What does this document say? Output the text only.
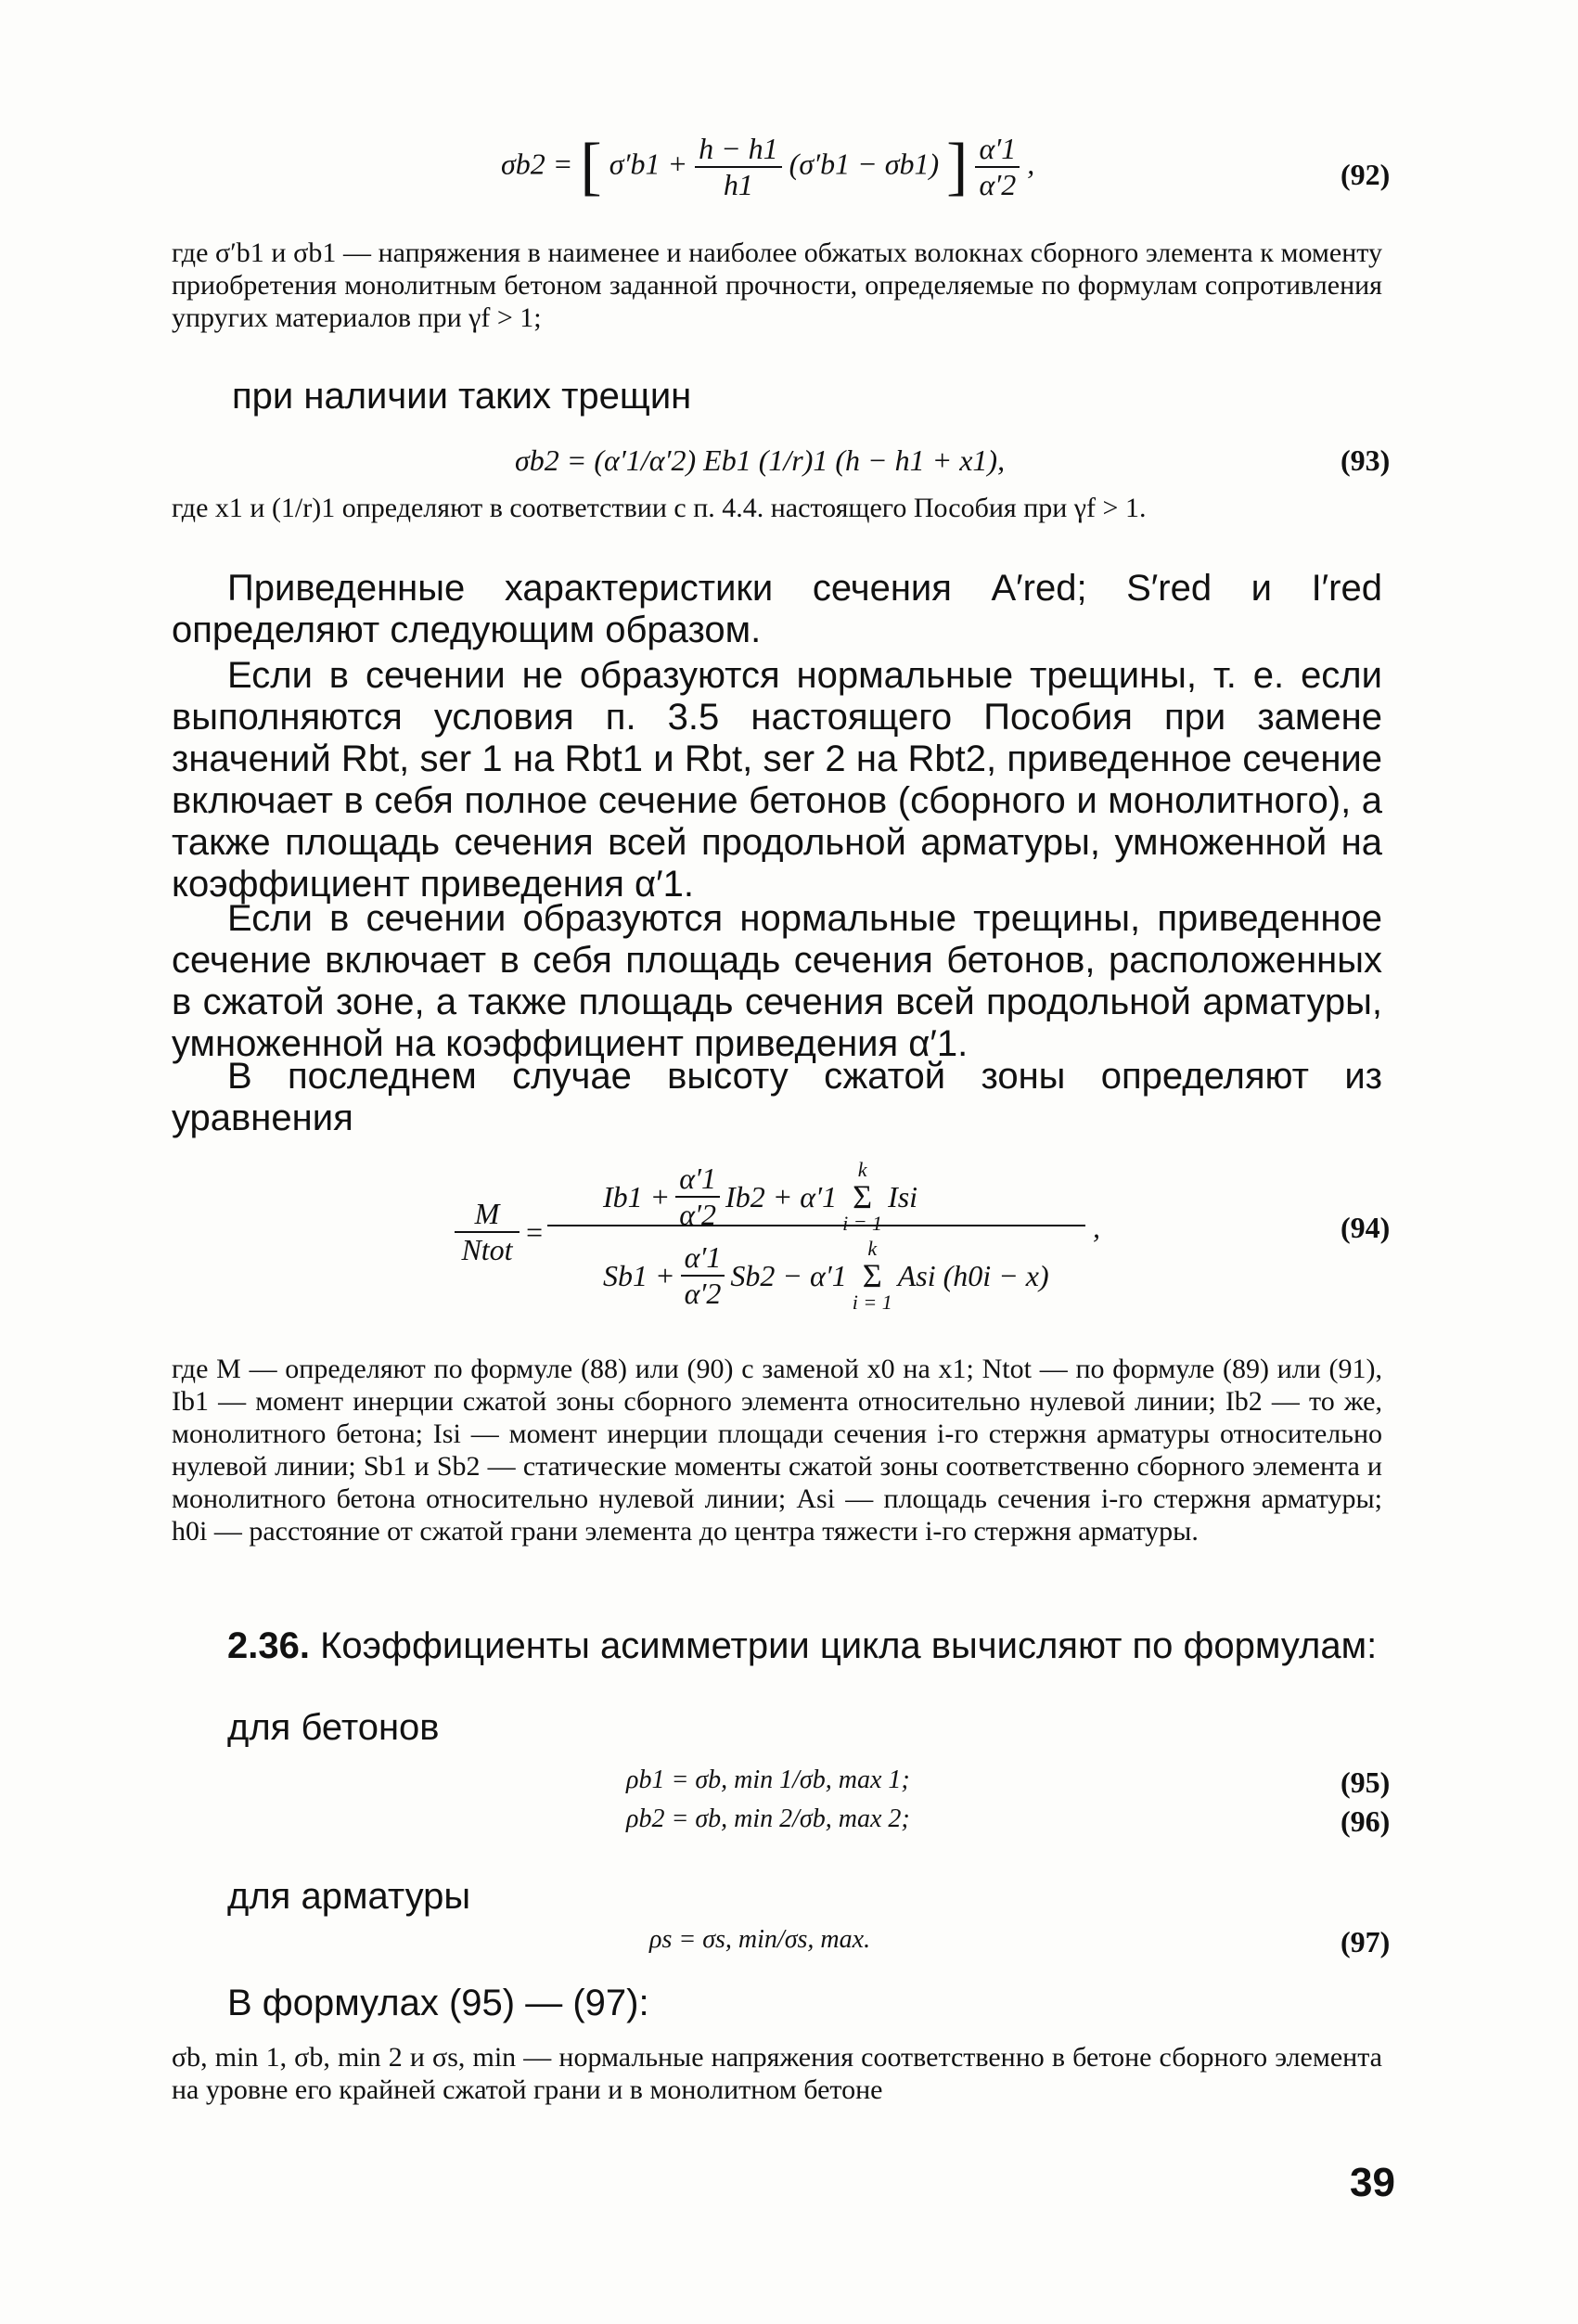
σb2 = [ $\sigma'b1 + \frac{h - h1}{h1} (\sigma'b1 - \sigma b1)$ ] $\frac{\alpha'1}{\alpha'2}$ ,	(92)

где σ′b1 и σb1 — напряжения в наименее и наиболее обжатых волокнах сборного элемента к моменту приобретения монолитным бетоном заданной прочности, определяемые по формулам сопротивления упругих материалов при γf > 1;

при наличии таких трещин

σb2 = (α′1/α′2) Eb1 (1/r)1 (h − h1 + x1),	(93)

где x1 и (1/r)1 определяют в соответствии с п. 4.4. настоящего Пособия при γf > 1.

Приведенные характеристики сечения A′red; S′red и I′red определяют следующим образом.

Если в сечении не образуются нормальные трещины, т. е. если выполняются условия п. 3.5 настоящего Пособия при замене значений Rbt, ser 1 на Rbt1 и Rbt, ser 2 на Rbt2, приведенное сечение включает в себя полное сечение бетонов (сборного и монолитного), а также площадь сечения всей продольной арматуры, умноженной на коэффициент приведения α′1.

Если в сечении образуются нормальные трещины, приведенное сечение включает в себя площадь сечения бетонов, расположенных в сжатой зоне, а также площадь сечения всей продольной арматуры, умноженной на коэффициент приведения α′1.

В последнем случае высоту сжатой зоны определяют из уравнения

M
Ntot
=
$Ib1 + \frac{\alpha'1}{\alpha'2} Ib2 + \alpha'1$
k
Σ
i = 1
Isi
$Sb1 + \frac{\alpha'1}{\alpha'2} Sb2 - \alpha'1$
k
Σ
i = 1
Asi (h0i − x)
,	(94)

где M — определяют по формуле (88) или (90) с заменой x0 на x1; Ntot — по формуле (89) или (91), Ib1 — момент инерции сжатой зоны сборного элемента относительно нулевой линии; Ib2 — то же, монолитного бетона; Isi — момент инерции площади сечения i-го стержня арматуры относительно нулевой линии; Sb1 и Sb2 — статические моменты сжатой зоны соответственно сборного элемента и монолитного бетона относительно нулевой линии; Asi — площадь сечения i-го стержня арматуры; h0i — расстояние от сжатой грани элемента до центра тяжести i-го стержня арматуры.

2.36. Коэффициенты асимметрии цикла вычисляют по формулам:

для бетонов

ρb1 = σb, min 1/σb, max 1;	(95)
ρb2 = σb, min 2/σb, max 2;	(96)

для арматуры

ρs = σs, min/σs, max.	(97)

В формулах (95) — (97):

σb, min 1, σb, min 2 и σs, min — нормальные напряжения соответственно в бетоне сборного элемента на уровне его крайней сжатой грани и в монолитном бетоне

39
